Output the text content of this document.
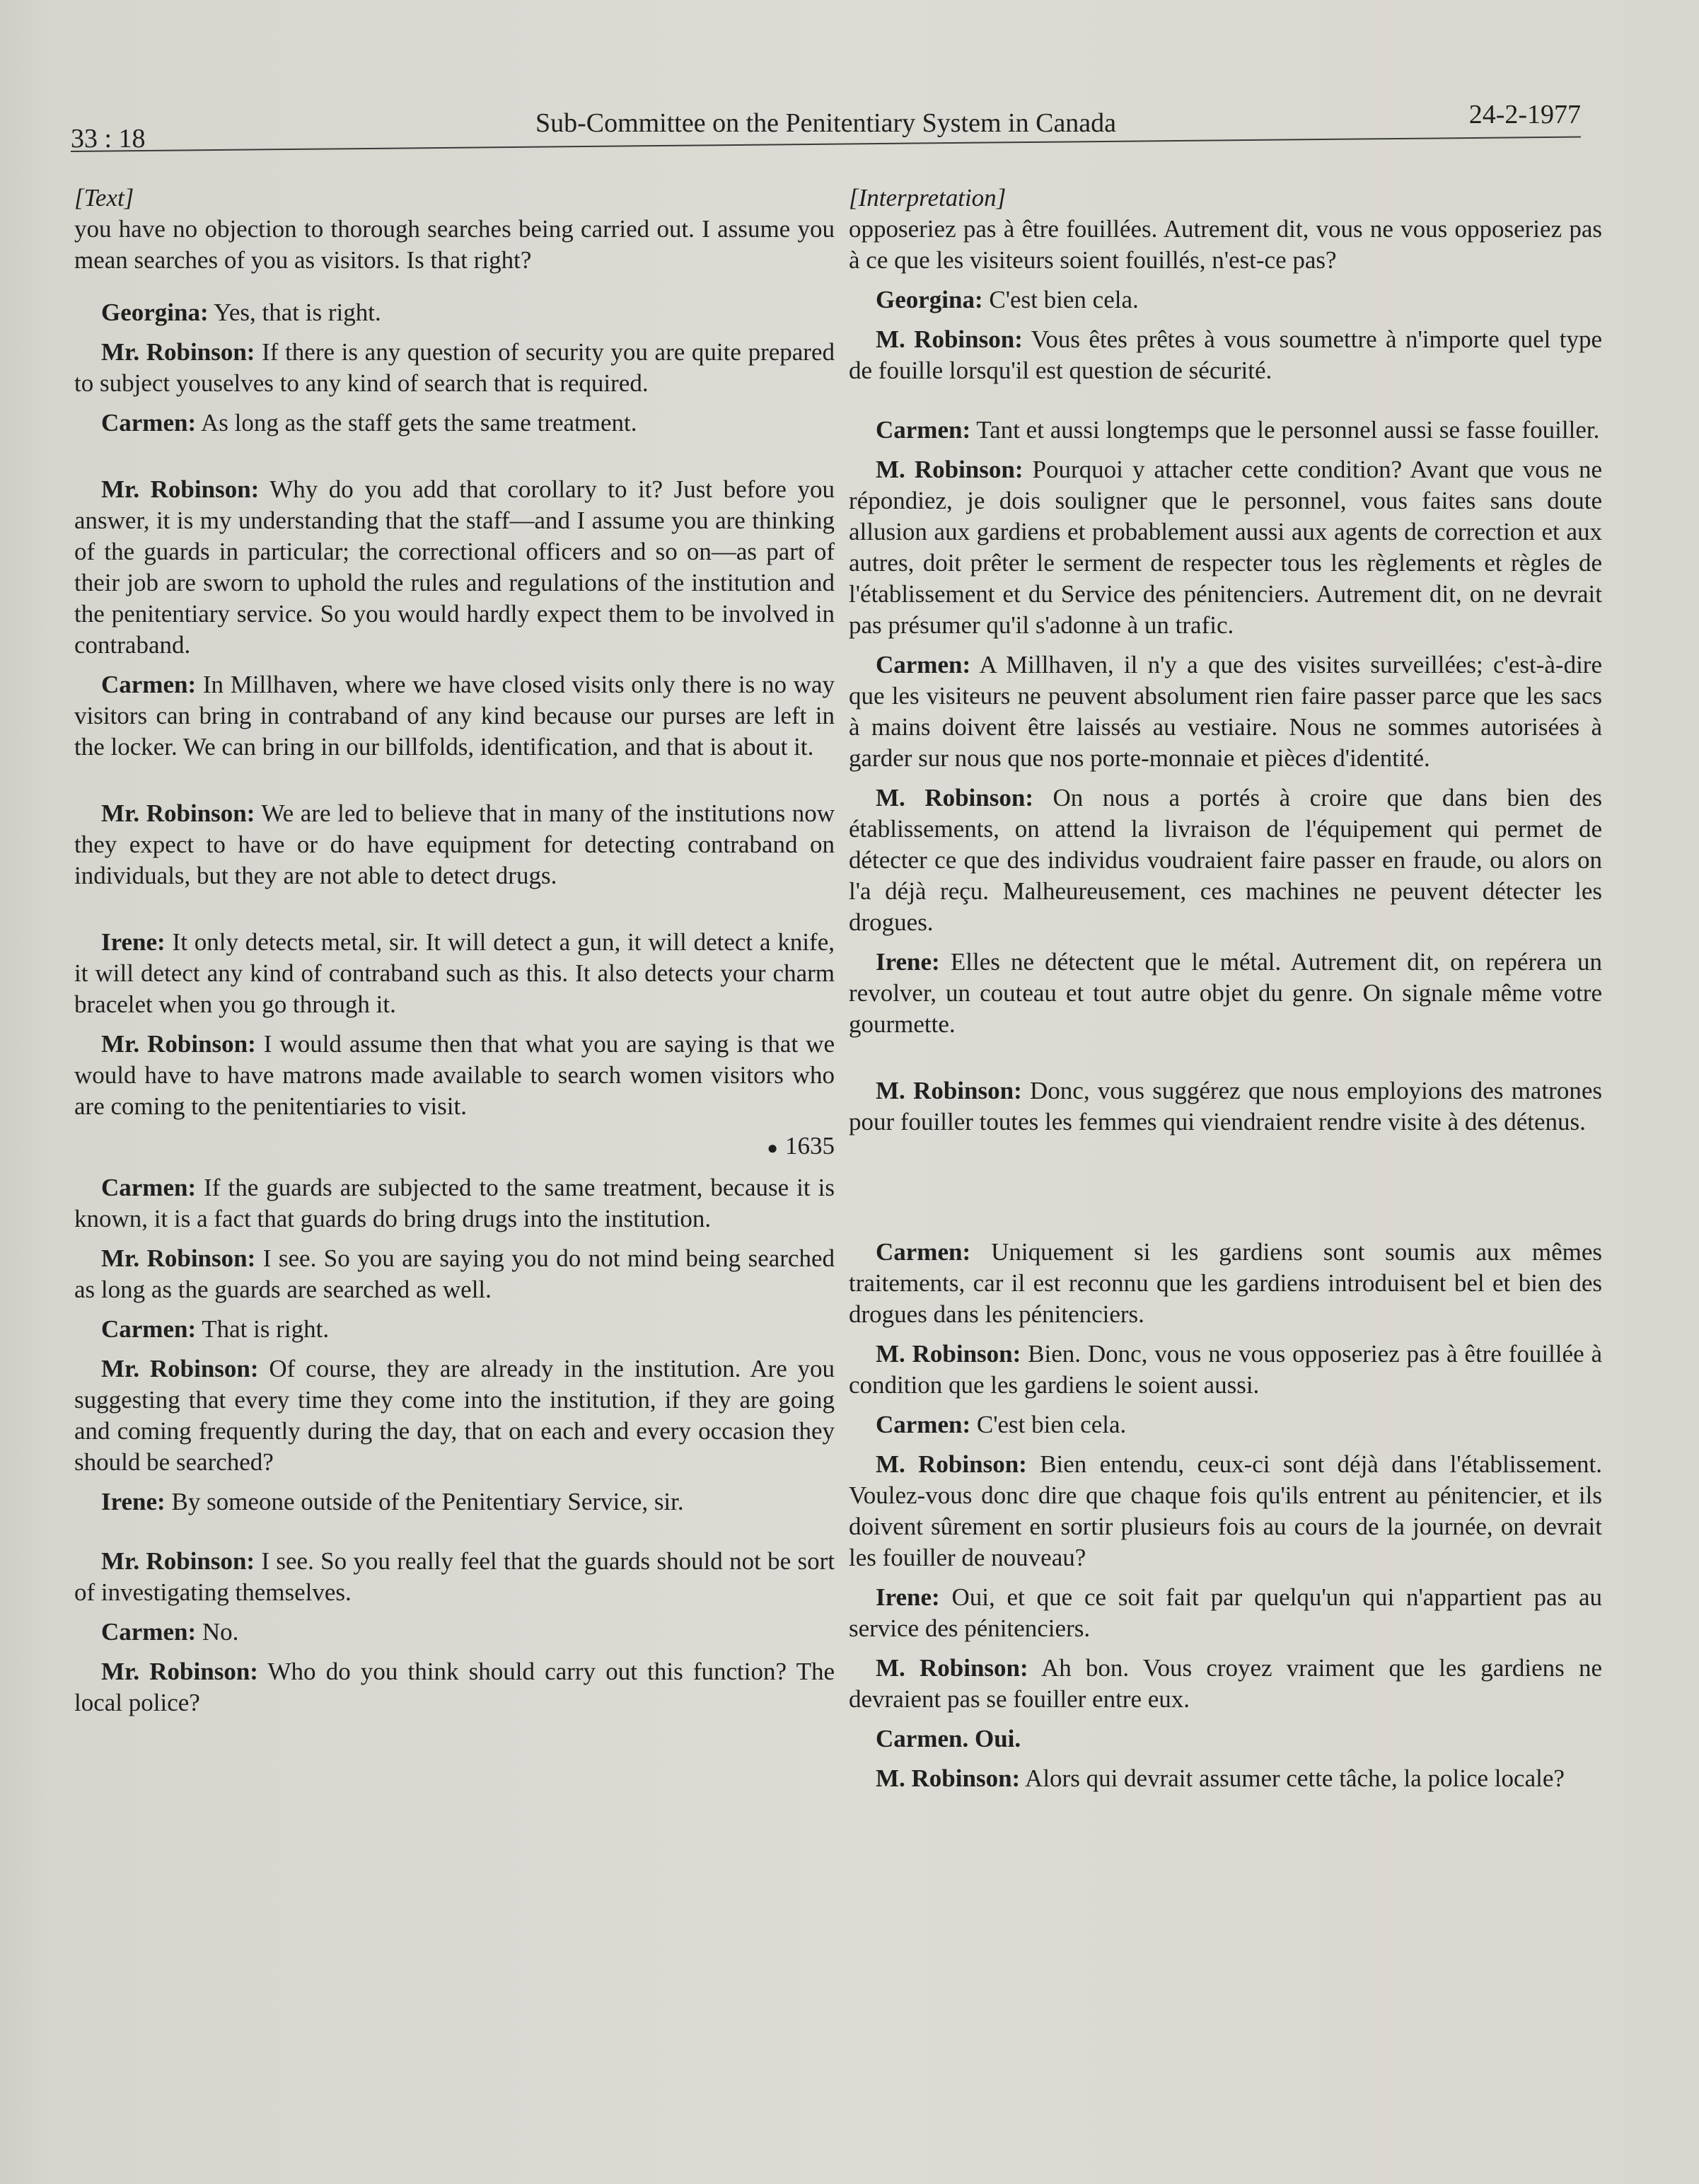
33 : 18
Sub-Committee on the Penitentiary System in Canada	24-2-1977

[Text]

you have no objection to thorough searches being carried out. I assume you mean searches of you as visitors. Is that right?

Georgina: Yes, that is right.

Mr. Robinson: If there is any question of security you are quite prepared to subject youselves to any kind of search that is required.

Carmen: As long as the staff gets the same treatment.

Mr. Robinson: Why do you add that corollary to it? Just before you answer, it is my understanding that the staff—and I assume you are thinking of the guards in particular; the correctional officers and so on—as part of their job are sworn to uphold the rules and regulations of the institution and the penitentiary service. So you would hardly expect them to be involved in contraband.

Carmen: In Millhaven, where we have closed visits only there is no way visitors can bring in contraband of any kind because our purses are left in the locker. We can bring in our billfolds, identification, and that is about it.

Mr. Robinson: We are led to believe that in many of the institutions now they expect to have or do have equipment for detecting contraband on individuals, but they are not able to detect drugs.

Irene: It only detects metal, sir. It will detect a gun, it will detect a knife, it will detect any kind of contraband such as this. It also detects your charm bracelet when you go through it.

Mr. Robinson: I would assume then that what you are saying is that we would have to have matrons made available to search women visitors who are coming to the penitentiaries to visit.

● 1635

Carmen: If the guards are subjected to the same treatment, because it is known, it is a fact that guards do bring drugs into the institution.

Mr. Robinson: I see. So you are saying you do not mind being searched as long as the guards are searched as well.

Carmen: That is right.

Mr. Robinson: Of course, they are already in the institution. Are you suggesting that every time they come into the institution, if they are going and coming frequently during the day, that on each and every occasion they should be searched?

Irene: By someone outside of the Penitentiary Service, sir.

Mr. Robinson: I see. So you really feel that the guards should not be sort of investigating themselves.

Carmen: No.

Mr. Robinson: Who do you think should carry out this function? The local police?

[Interpretation]

opposeriez pas à être fouillées. Autrement dit, vous ne vous opposeriez pas à ce que les visiteurs soient fouillés, n'est-ce pas?

Georgina: C'est bien cela.

M. Robinson: Vous êtes prêtes à vous soumettre à n'importe quel type de fouille lorsqu'il est question de sécurité.

Carmen: Tant et aussi longtemps que le personnel aussi se fasse fouiller.

M. Robinson: Pourquoi y attacher cette condition? Avant que vous ne répondiez, je dois souligner que le personnel, vous faites sans doute allusion aux gardiens et probablement aussi aux agents de correction et aux autres, doit prêter le serment de respecter tous les règlements et règles de l'établissement et du Service des pénitenciers. Autrement dit, on ne devrait pas présumer qu'il s'adonne à un trafic.

Carmen: A Millhaven, il n'y a que des visites surveillées; c'est-à-dire que les visiteurs ne peuvent absolument rien faire passer parce que les sacs à mains doivent être laissés au vestiaire. Nous ne sommes autorisées à garder sur nous que nos porte-monnaie et pièces d'identité.

M. Robinson: On nous a portés à croire que dans bien des établissements, on attend la livraison de l'équipement qui permet de détecter ce que des individus voudraient faire passer en fraude, ou alors on l'a déjà reçu. Malheureusement, ces machines ne peuvent détecter les drogues.

Irene: Elles ne détectent que le métal. Autrement dit, on repérera un revolver, un couteau et tout autre objet du genre. On signale même votre gourmette.

M. Robinson: Donc, vous suggérez que nous employions des matrones pour fouiller toutes les femmes qui viendraient rendre visite à des détenus.

Carmen: Uniquement si les gardiens sont soumis aux mêmes traitements, car il est reconnu que les gardiens introduisent bel et bien des drogues dans les pénitenciers.

M. Robinson: Bien. Donc, vous ne vous opposeriez pas à être fouillée à condition que les gardiens le soient aussi.

Carmen: C'est bien cela.

M. Robinson: Bien entendu, ceux-ci sont déjà dans l'établissement. Voulez-vous donc dire que chaque fois qu'ils entrent au pénitencier, et ils doivent sûrement en sortir plusieurs fois au cours de la journée, on devrait les fouiller de nouveau?

Irene: Oui, et que ce soit fait par quelqu'un qui n'appartient pas au service des pénitenciers.

M. Robinson: Ah bon. Vous croyez vraiment que les gardiens ne devraient pas se fouiller entre eux.

Carmen. Oui.

M. Robinson: Alors qui devrait assumer cette tâche, la police locale?
